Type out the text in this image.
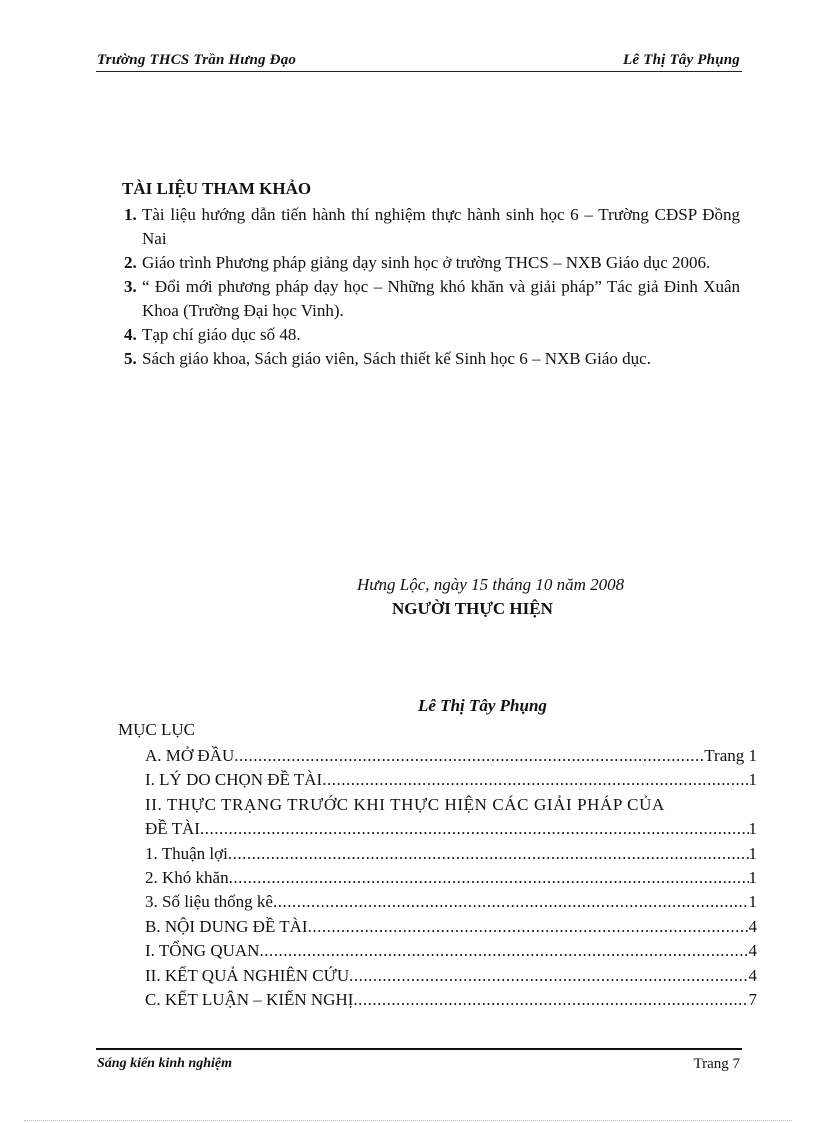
Trường THCS Trần Hưng Đạo	Lê Thị Tây Phụng
TÀI LIỆU THAM KHẢO
1. Tài liệu hướng dẫn tiến hành thí nghiệm thực hành sinh học 6 – Trường CĐSP Đồng Nai
2. Giáo trình Phương pháp giảng dạy sinh học ở trường THCS – NXB Giáo dục 2006.
3. “ Đổi mới phương pháp dạy học – Những khó khăn và giải pháp” Tác giả Đinh Xuân Khoa (Trường Đại học Vinh).
4. Tạp chí giáo dục số 48.
5. Sách giáo khoa, Sách giáo viên, Sách thiết kế Sinh học 6 – NXB Giáo dục.
Hưng Lộc, ngày 15 tháng 10 năm 2008
NGƯỜI THỰC HIỆN
Lê Thị Tây Phụng
MỤC LỤC
A. MỞ ĐẦU .....	Trang 1
I. LÝ DO CHỌN ĐỀ TÀI .....	1
II. THỰC TRẠNG TRƯỚC KHI THỰC HIỆN CÁC GIẢI PHÁP CỦA
ĐỀ TÀI .....	1
1. Thuận lợi .....	1
2. Khó khăn .....	1
3. Số liệu thống kê .....	1
B. NỘI DUNG ĐỀ TÀI .....	4
I. TỔNG QUAN .....	4
II. KẾT QUẢ NGHIÊN CỨU .....	4
C. KẾT LUẬN – KIẾN NGHỊ .....	7
Sáng kiến kinh nghiệm	Trang 7
